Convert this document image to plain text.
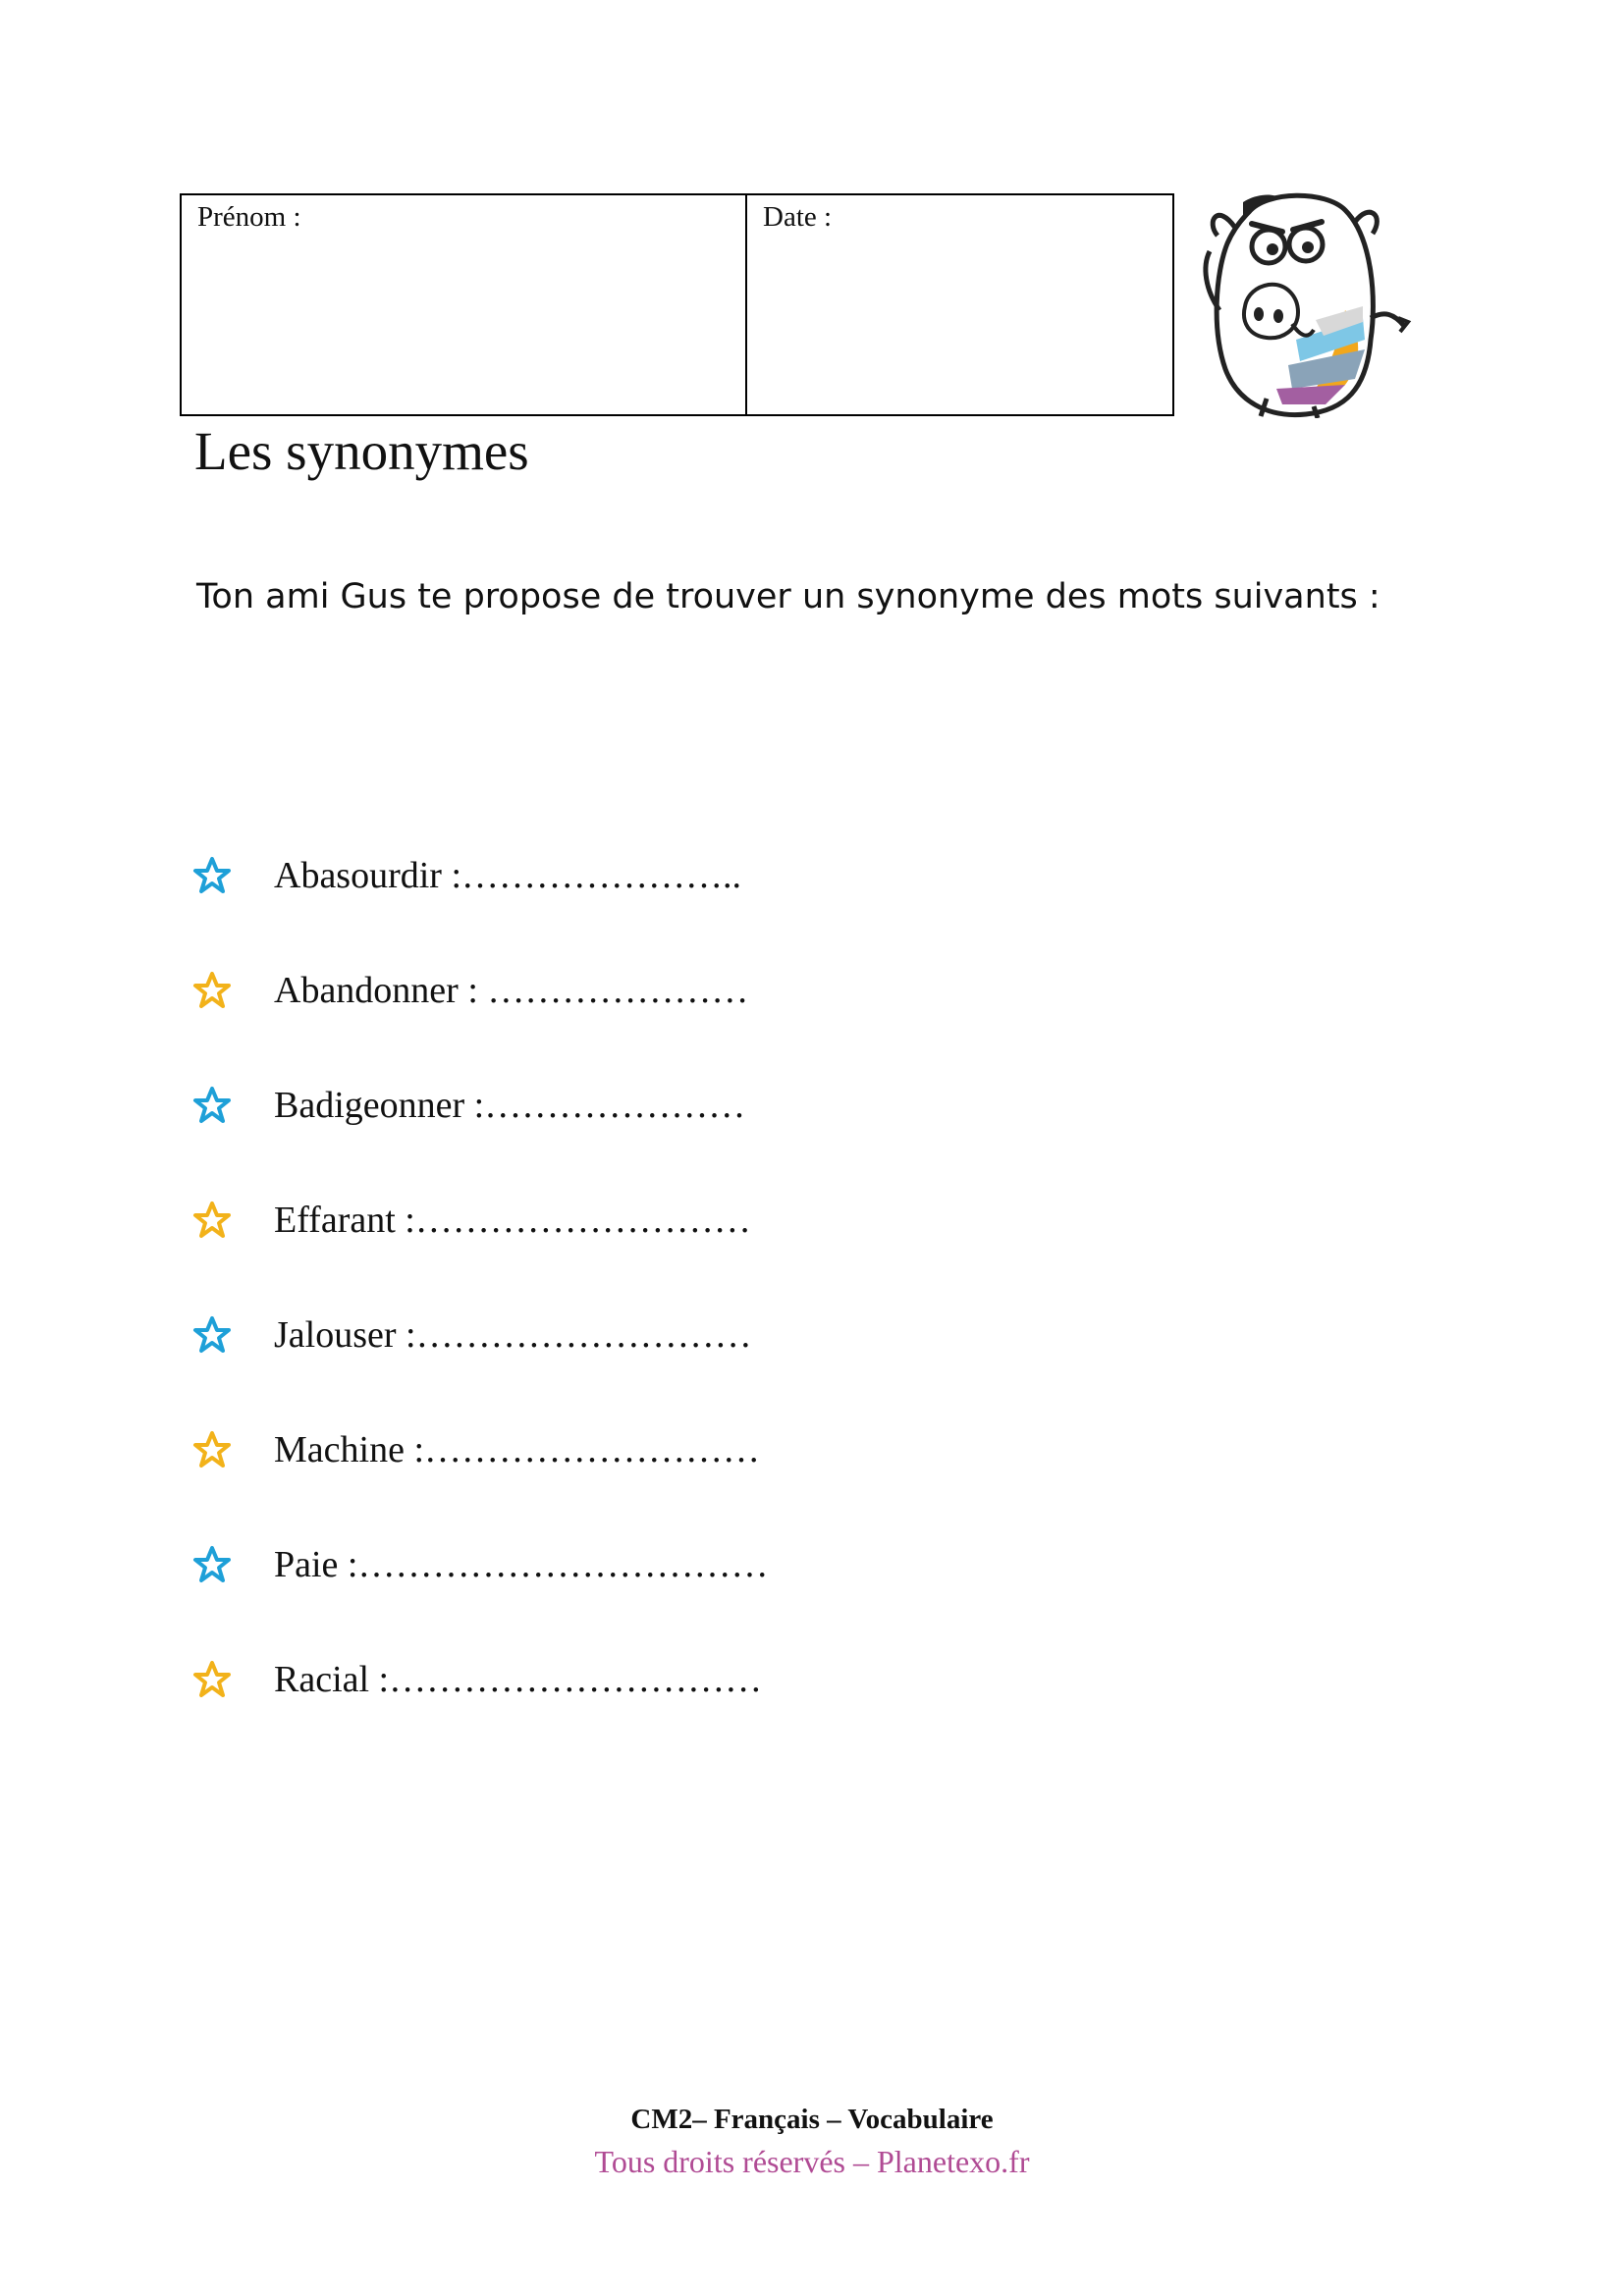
Prénom :	Date :
Les synonymes
Ton ami Gus te propose de trouver un synonyme des mots suivants :
Abasourdir :…………………..
Abandonner : …………………
Badigeonner :…………………
Effarant :………………………
Jalouser :………………………
Machine :………………………
Paie :……………………………
Racial :…………………………
CM2– Français – Vocabulaire
Tous droits réservés – Planetexo.fr
